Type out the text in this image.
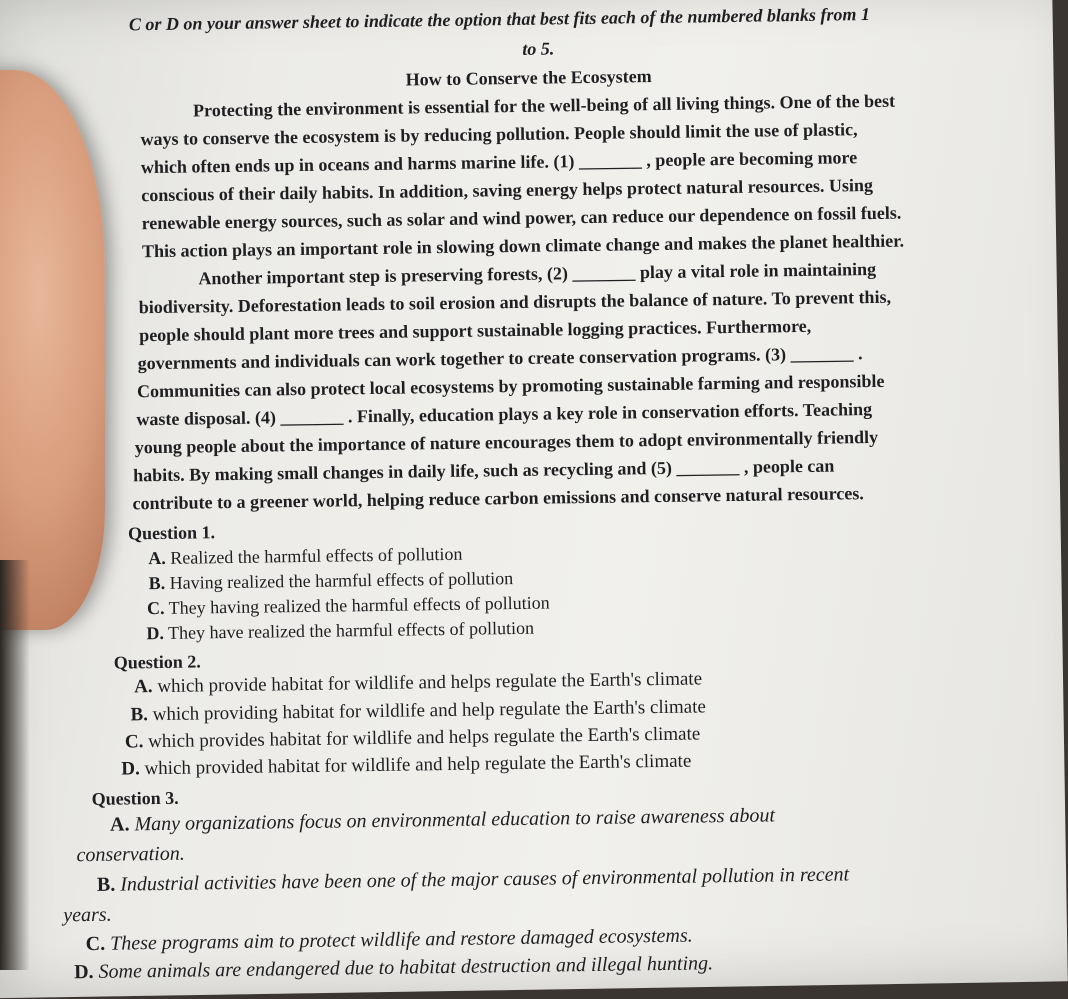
C or D on your answer sheet to indicate the option that best fits each of the numbered blanks from 1
to 5.
How to Conserve the Ecosystem
Protecting the environment is essential for the well-being of all living things. One of the best
ways to conserve the ecosystem is by reducing pollution. People should limit the use of plastic,
which often ends up in oceans and harms marine life. (1) _______ , people are becoming more
conscious of their daily habits. In addition, saving energy helps protect natural resources. Using
renewable energy sources, such as solar and wind power, can reduce our dependence on fossil fuels.
This action plays an important role in slowing down climate change and makes the planet healthier.
Another important step is preserving forests, (2) _______ play a vital role in maintaining
biodiversity. Deforestation leads to soil erosion and disrupts the balance of nature. To prevent this,
people should plant more trees and support sustainable logging practices. Furthermore,
governments and individuals can work together to create conservation programs. (3) _______ .
Communities can also protect local ecosystems by promoting sustainable farming and responsible
waste disposal. (4) _______ . Finally, education plays a key role in conservation efforts. Teaching
young people about the importance of nature encourages them to adopt environmentally friendly
habits. By making small changes in daily life, such as recycling and (5) _______ , people can
contribute to a greener world, helping reduce carbon emissions and conserve natural resources.
Question 1.
A. Realized the harmful effects of pollution
B. Having realized the harmful effects of pollution
C. They having realized the harmful effects of pollution
D. They have realized the harmful effects of pollution
Question 2.
A. which provide habitat for wildlife and helps regulate the Earth's climate
B. which providing habitat for wildlife and help regulate the Earth's climate
C. which provides habitat for wildlife and helps regulate the Earth's climate
D. which provided habitat for wildlife and help regulate the Earth's climate
Question 3.
A. Many organizations focus on environmental education to raise awareness about
conservation.
B. Industrial activities have been one of the major causes of environmental pollution in recent
years.
C. These programs aim to protect wildlife and restore damaged ecosystems.
D. Some animals are endangered due to habitat destruction and illegal hunting.
